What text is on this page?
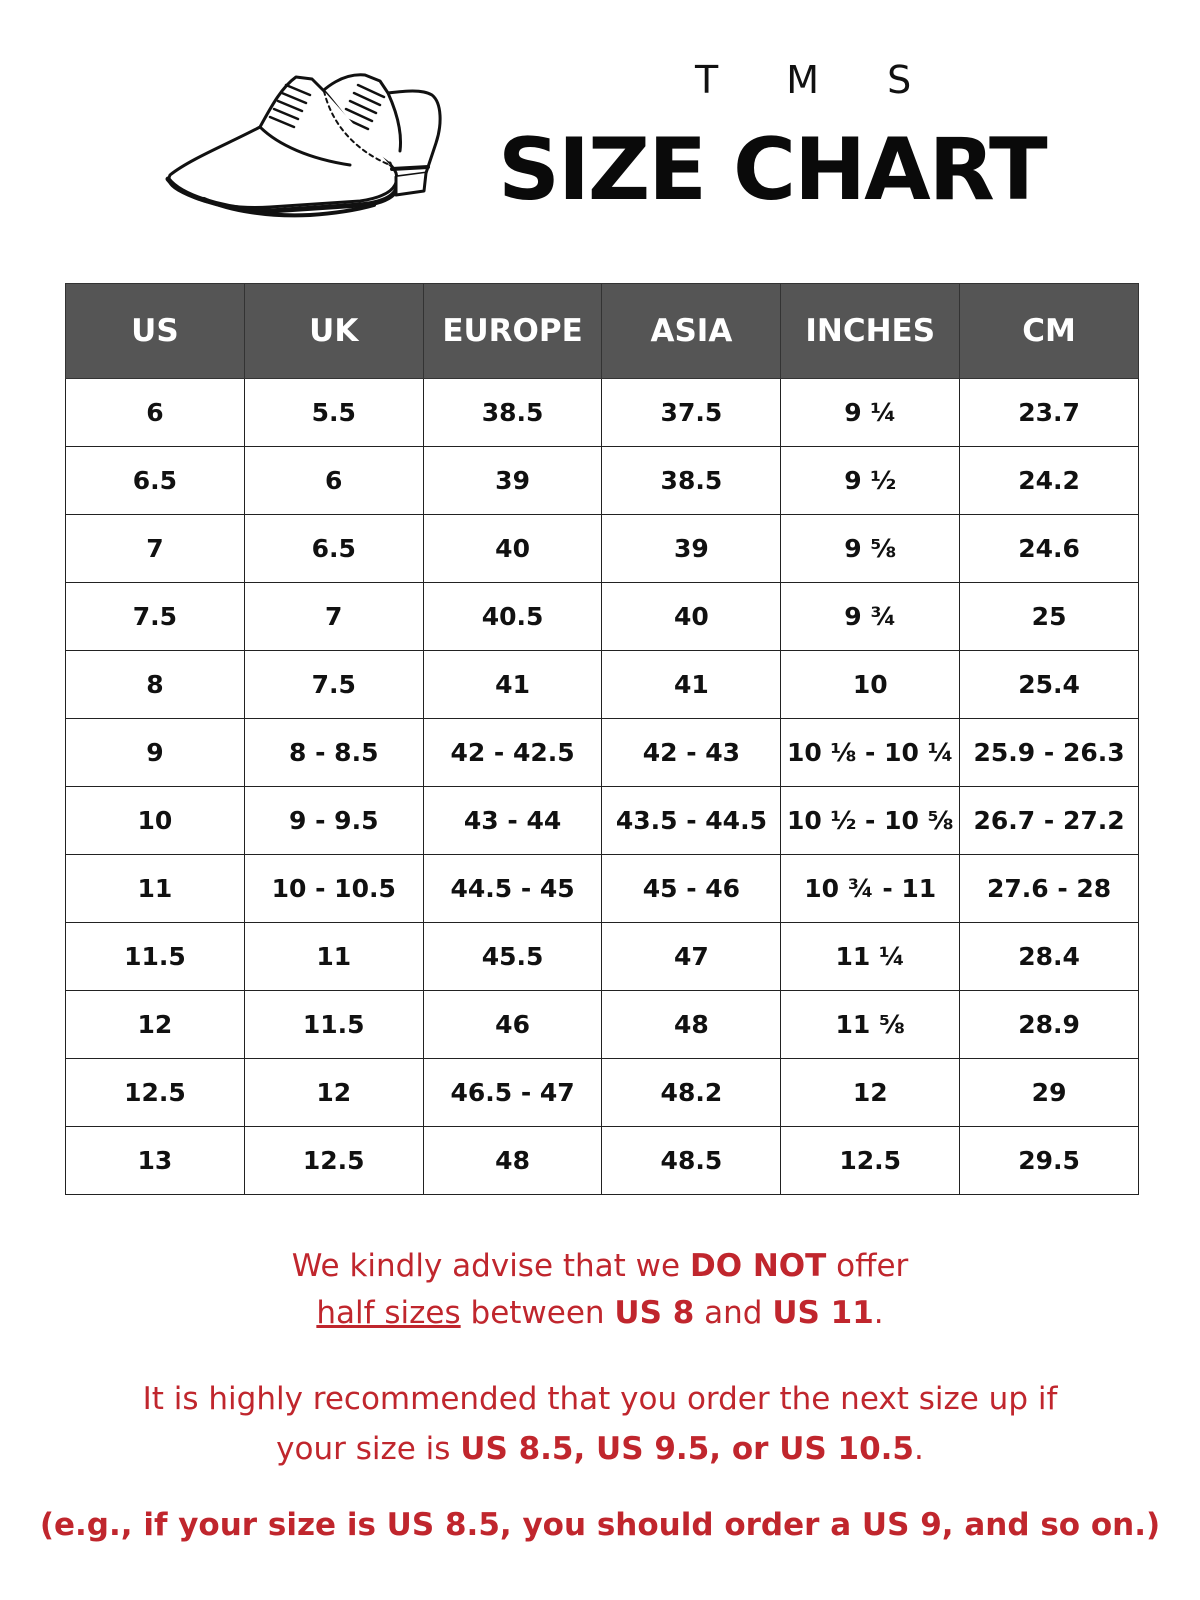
T M S
SIZE CHART
US	UK	EUROPE	ASIA	INCHES	CM
6	5.5	38.5	37.5	9 ¼	23.7
6.5	6	39	38.5	9 ½	24.2
7	6.5	40	39	9 ⅝	24.6
7.5	7	40.5	40	9 ¾	25
8	7.5	41	41	10	25.4
9	8 - 8.5	42 - 42.5	42 - 43	10 ⅛ - 10 ¼	25.9 - 26.3
10	9 - 9.5	43 - 44	43.5 - 44.5	10 ½ - 10 ⅝	26.7 - 27.2
11	10 - 10.5	44.5 - 45	45 - 46	10 ¾ - 11	27.6 - 28
11.5	11	45.5	47	11 ¼	28.4
12	11.5	46	48	11 ⅝	28.9
12.5	12	46.5 - 47	48.2	12	29
13	12.5	48	48.5	12.5	29.5
We kindly advise that we DO NOT offer
half sizes between US 8 and US 11.
It is highly recommended that you order the next size up if
your size is US 8.5, US 9.5, or US 10.5.
(e.g., if your size is US 8.5, you should order a US 9, and so on.)
